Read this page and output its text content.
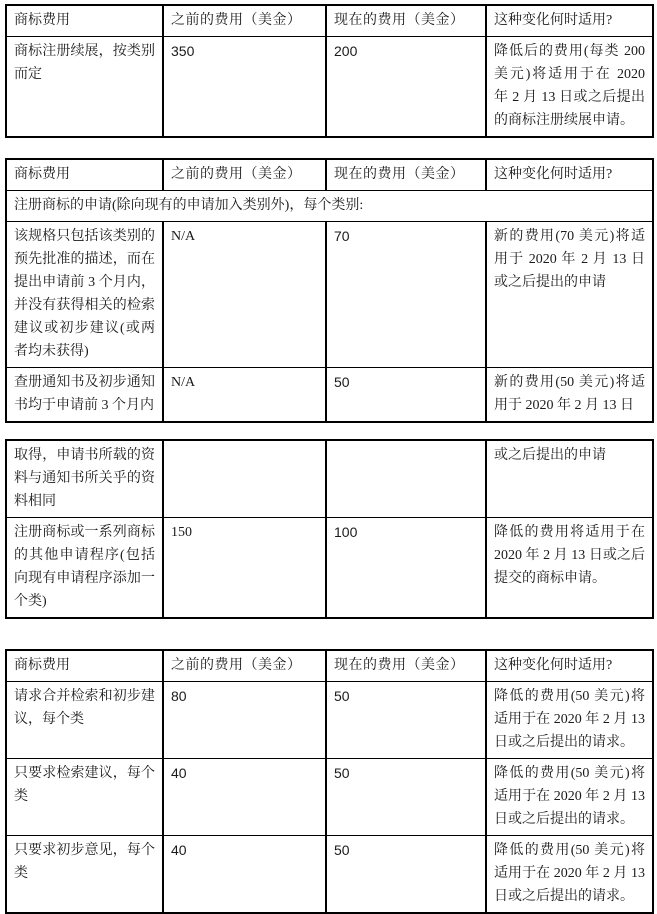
商标费用	之前的费用（美金）	现在的费用（美金）	这种变化何时适用?
商标注册续展，按类别而定	350	200	降低后的费用(每类 200 美元)将适用于在 2020 年 2 月 13 日或之后提出的商标注册续展申请。
商标费用	之前的费用（美金）	现在的费用（美金）	这种变化何时适用?
注册商标的申请(除向现有的申请加入类别外)，每个类别:			
该规格只包括该类别的预先批准的描述，而在提出申请前 3 个月内，并没有获得相关的检索建议或初步建议(或两者均未获得)	N/A	70	新的费用(70 美元)将适用于 2020 年 2 月 13 日或之后提出的申请
查册通知书及初步通知书均于申请前 3 个月内	N/A	50	新的费用(50 美元)将适用于 2020 年 2 月 13 日
取得，申请书所载的资料与通知书所关乎的资料相同			或之后提出的申请
注册商标或一系列商标的其他申请程序(包括向现有申请程序添加一个类)	150	100	降低的费用将适用于在 2020 年 2 月 13 日或之后提交的商标申请。
商标费用	之前的费用（美金）	现在的费用（美金）	这种变化何时适用?
请求合并检索和初步建议，每个类	80	50	降低的费用(50 美元)将适用于在 2020 年 2 月 13 日或之后提出的请求。
只要求检索建议，每个类	40	50	降低的费用(50 美元)将适用于在 2020 年 2 月 13 日或之后提出的请求。
只要求初步意见，每个类	40	50	降低的费用(50 美元)将适用于在 2020 年 2 月 13 日或之后提出的请求。
